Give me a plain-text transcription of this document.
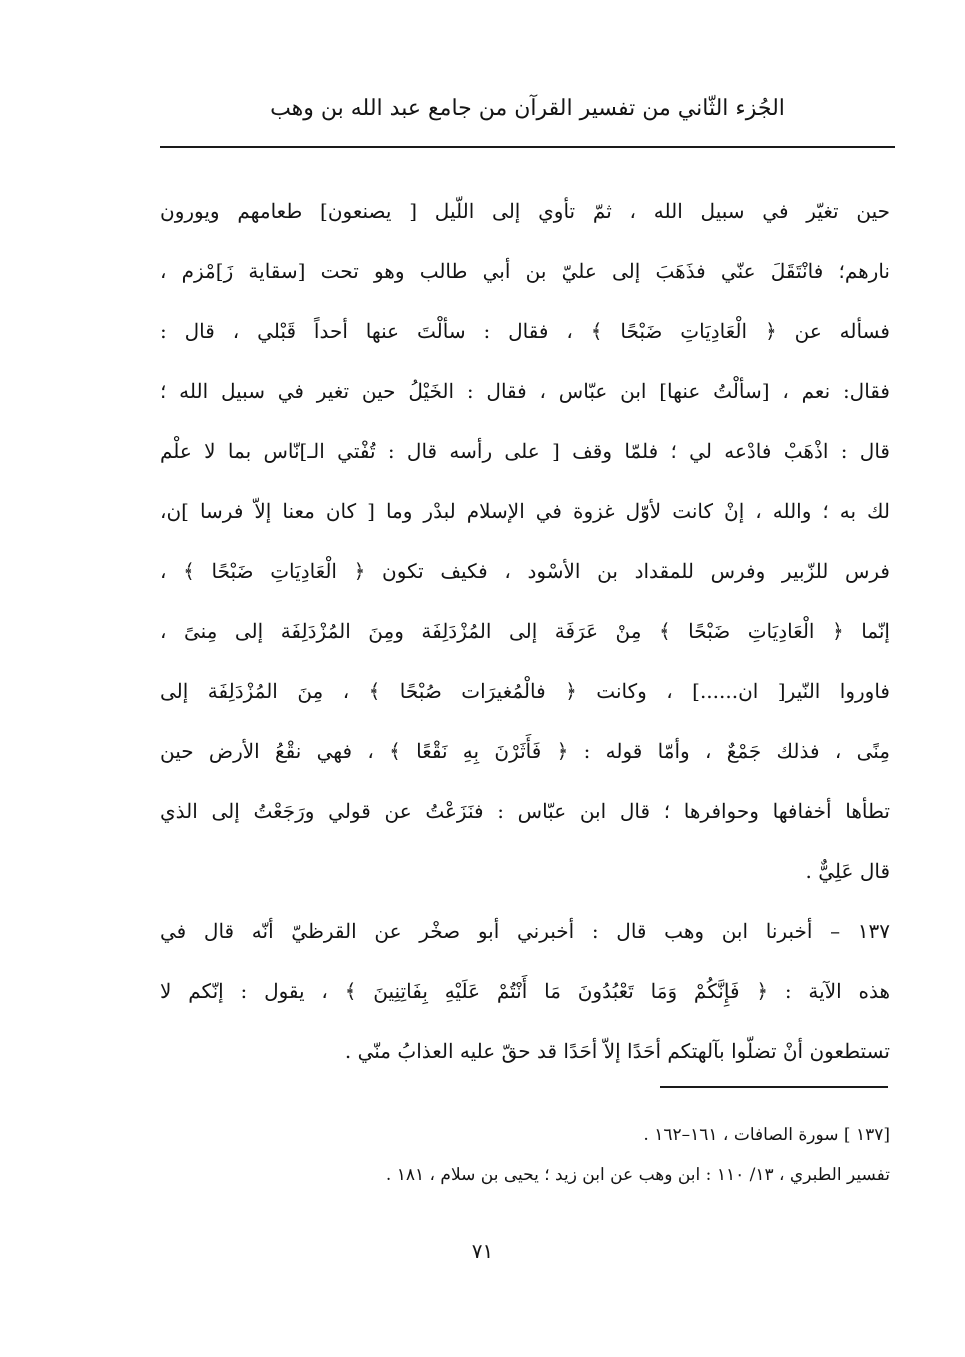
الجُزء الثّاني من تفسير القرآن من جامع عبد الله بن وهب
حين تغيّر في سبيل الله ، ثمّ تأوي إلى اللّيل [ يصنعون] طعامهم ويورون
نارهم؛ فانْتَقَلَ عنّي فذَهَبَ إلى عليّ بن أبي طالب وهو تحت [سقاية زَ]مْزم ،
فسأله عن ﴿ الْعَادِيَاتِ ضَبْحًا ﴾ ، فقال : سألْتَ عنها أحداً قَبْلي ، قال :
فقال: نعم ، [سألْتُ عنها] ابن عبّاس ، فقال : الخَيْلُ حين تغير في سبيل الله ؛
قال : اذْهَبْ فادْعه لي ؛ فلمّا وقف [ على رأسه قال : تُفْتي الـ]نّاس بما لا علْم
لك به ؛ والله ، إنْ كانت لأوّل غزوة في الإسلام لبدْر وما [ كان معنا إلاّ فرسا ]ن،
فرس للزّبير وفرس للمقداد بن الأسْود ، فكيف تكون ﴿ الْعَادِيَاتِ ضَبْحًا ﴾ ،
إنّما ﴿ الْعَادِيَاتِ ضَبْحًا ﴾ مِنْ عَرَفَة إلى المُزْدَلِفَة ومِنَ المُزْدَلِفَة إلى مِنىً ،
فاوروا النّير[ ان......] ، وكانت ﴿ فالْمُغيرَات صُبْحًا ﴾ ، مِنَ المُزْدَلِفَة إلى
مِنًى ، فذلك جَمْعٌ ، وأمّا قوله : ﴿ فَأَثَرْنَ بِهِ نَقْعًا ﴾ ، فهي نقْعُ الأرض حين
تطأها أخفافها وحوافرها ؛ قال ابن عبّاس : فنَزَعْتُ عن قولي ورَجَعْتُ إلى الذي
قال عَلِيٌّ .
١٣٧ – أخبرنا ابن وهب قال : أخبرني أبو صخْر عن القرظيّ أنّه قال في
هذه الآية : ﴿ فَإِنَّكُمْ وَمَا تَعْبُدُونَ مَا أَنْتُمْ عَلَيْهِ بِفَاتِنِينَ ﴾ ، يقول : إنّكم لا
تستطعون أنْ تضلّوا بآلهتكم أحَدًا إلاّ أحَدًا قد حقّ عليه العذابُ منّي .
[١٣٧ ] سورة الصافات ، ١٦١–١٦٢ .
تفسير الطبري ، ١٣/ ١١٠ : ابن وهب عن ابن زيد ؛ يحيى بن سلام ، ١٨١ .
٧١
